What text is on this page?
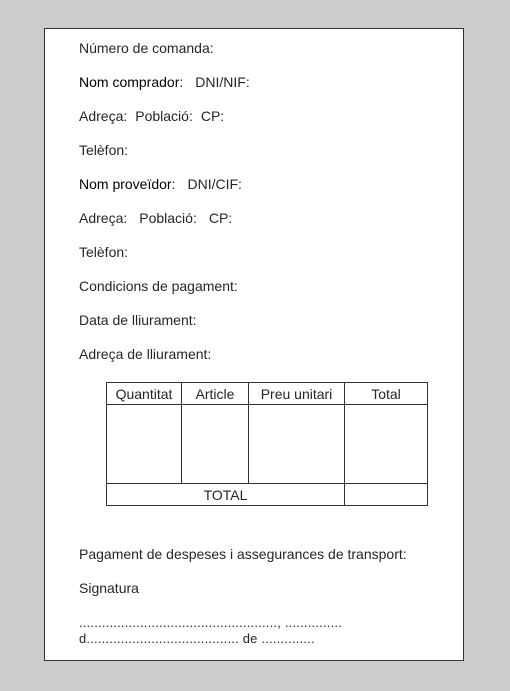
Número de comanda:
Nom comprador: DNI/NIF:
Adreça: Població: CP:
Telèfon:
Nom proveïdor: DNI/CIF:
Adreça: Població: CP:
Telèfon:
Condicions de pagament:
Data de lliurament:
Adreça de lliurament:
Quantitat	Article	Preu unitari	Total

TOTAL			
Pagament de despeses i assegurances de transport:
Signatura
...................................................., ...............
d........................................ de ..............
